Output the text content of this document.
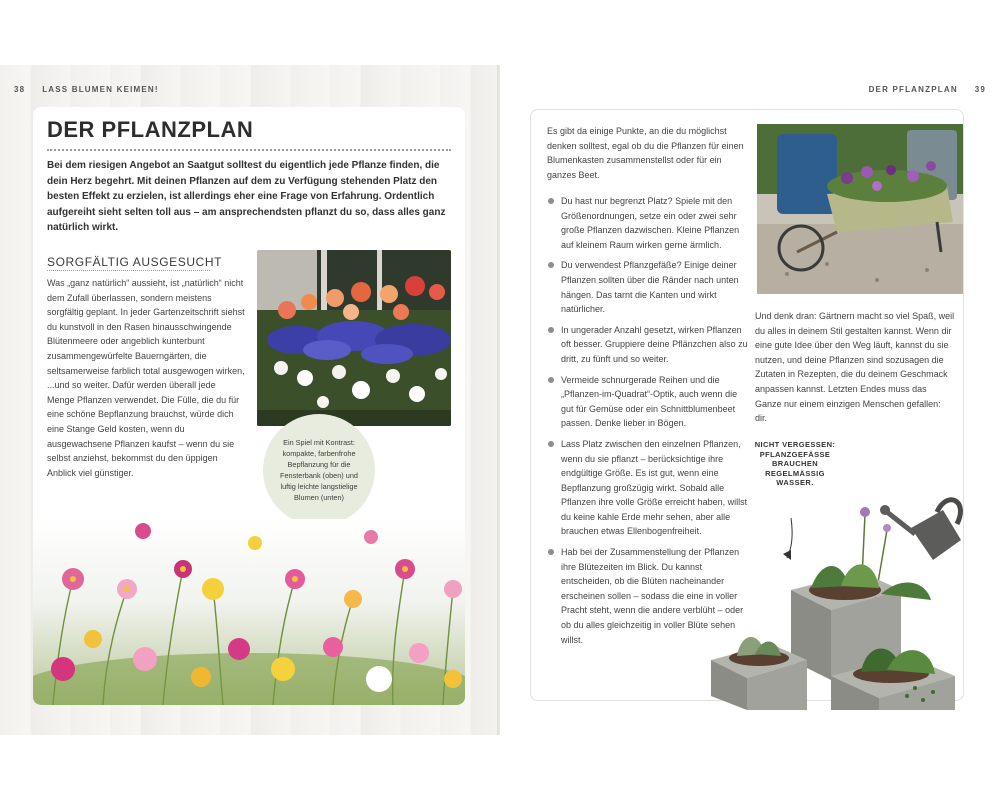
38 LASS BLUMEN KEIMEN!
DER PFLANZPLAN

Bei dem riesigen Angebot an Saatgut solltest du eigentlich jede Pflanze finden, die dein Herz begehrt. Mit deinen Pflanzen auf dem zu Verfügung stehenden Platz den besten Effekt zu erzielen, ist allerdings eher eine Frage von Erfahrung. Ordentlich aufgereiht sieht selten toll aus – am ansprechendsten pflanzt du so, dass alles ganz natürlich wirkt.

SORGFÄLTIG AUSGESUCHT

Was „ganz natürlich“ aussieht, ist „natürlich“ nicht dem Zufall überlassen, sondern meistens sorgfältig geplant. In jeder Gartenzeitschrift siehst du kunstvoll in den Rasen hinausschwingende Blütenmeere oder angeblich kunterbunt zusammengewürfelte Bauerngärten, die seltsamerweise farblich total ausgewogen wirken, ...und so weiter. Dafür werden überall jede Menge Pflanzen verwendet. Die Fülle, die du für eine schöne Bepflanzung brauchst, würde dich eine Stange Geld kosten, wenn du ausgewachsene Pflanzen kaufst – wenn du sie selbst anziehst, bekommst du den üppigen Anblick viel günstiger.

Ein Spiel mit Kontrast: kompakte, farbenfrohe Bepflanzung für die Fensterbank (oben) und luftig leichte langstielige Blumen (unten)
DER PFLANZPLAN 39

Es gibt da einige Punkte, an die du möglichst denken solltest, egal ob du die Pflanzen für einen Blumenkasten zusammenstellst oder für ein ganzes Beet.

Du hast nur begrenzt Platz? Spiele mit den Größenordnungen, setze ein oder zwei sehr große Pflanzen dazwischen. Kleine Pflanzen auf kleinem Raum wirken gerne ärmlich.
Du verwendest Pflanzgefäße? Einige deiner Pflanzen sollten über die Ränder nach unten hängen. Das tarnt die Kanten und wirkt natürlicher.
In ungerader Anzahl gesetzt, wirken Pflanzen oft besser. Gruppiere deine Pflänzchen also zu dritt, zu fünft und so weiter.
Vermeide schnurgerade Reihen und die „Pflanzen-im-Quadrat“-Optik, auch wenn die gut für Gemüse oder ein Schnittblumenbeet passen. Denke lieber in Bögen.
Lass Platz zwischen den einzelnen Pflanzen, wenn du sie pflanzt – berücksichtige ihre endgültige Größe. Es ist gut, wenn eine Bepflanzung großzügig wirkt. Sobald alle Pflanzen ihre volle Größe erreicht haben, willst du keine kahle Erde mehr sehen, aber alle brauchen etwas Ellenbogenfreiheit.
Hab bei der Zusammenstellung der Pflanzen ihre Blütezeiten im Blick. Du kannst entscheiden, ob die Blüten nacheinander erscheinen sollen – sodass die eine in voller Pracht steht, wenn die andere verblüht – oder ob du alles gleichzeitig in voller Blüte sehen willst.

Und denk dran: Gärtnern macht so viel Spaß, weil du alles in deinem Stil gestalten kannst. Wenn dir eine gute Idee über den Weg läuft, kannst du sie nutzen, und deine Pflanzen sind sozusagen die Zutaten in Rezepten, die du deinem Geschmack anpassen kannst. Letzten Endes muss das Ganze nur einem einzigen Menschen gefallen: dir.

NICHT VERGESSEN:
PFLANZGEFÄSSE
BRAUCHEN
REGELMÄSSIG
WASSER.
